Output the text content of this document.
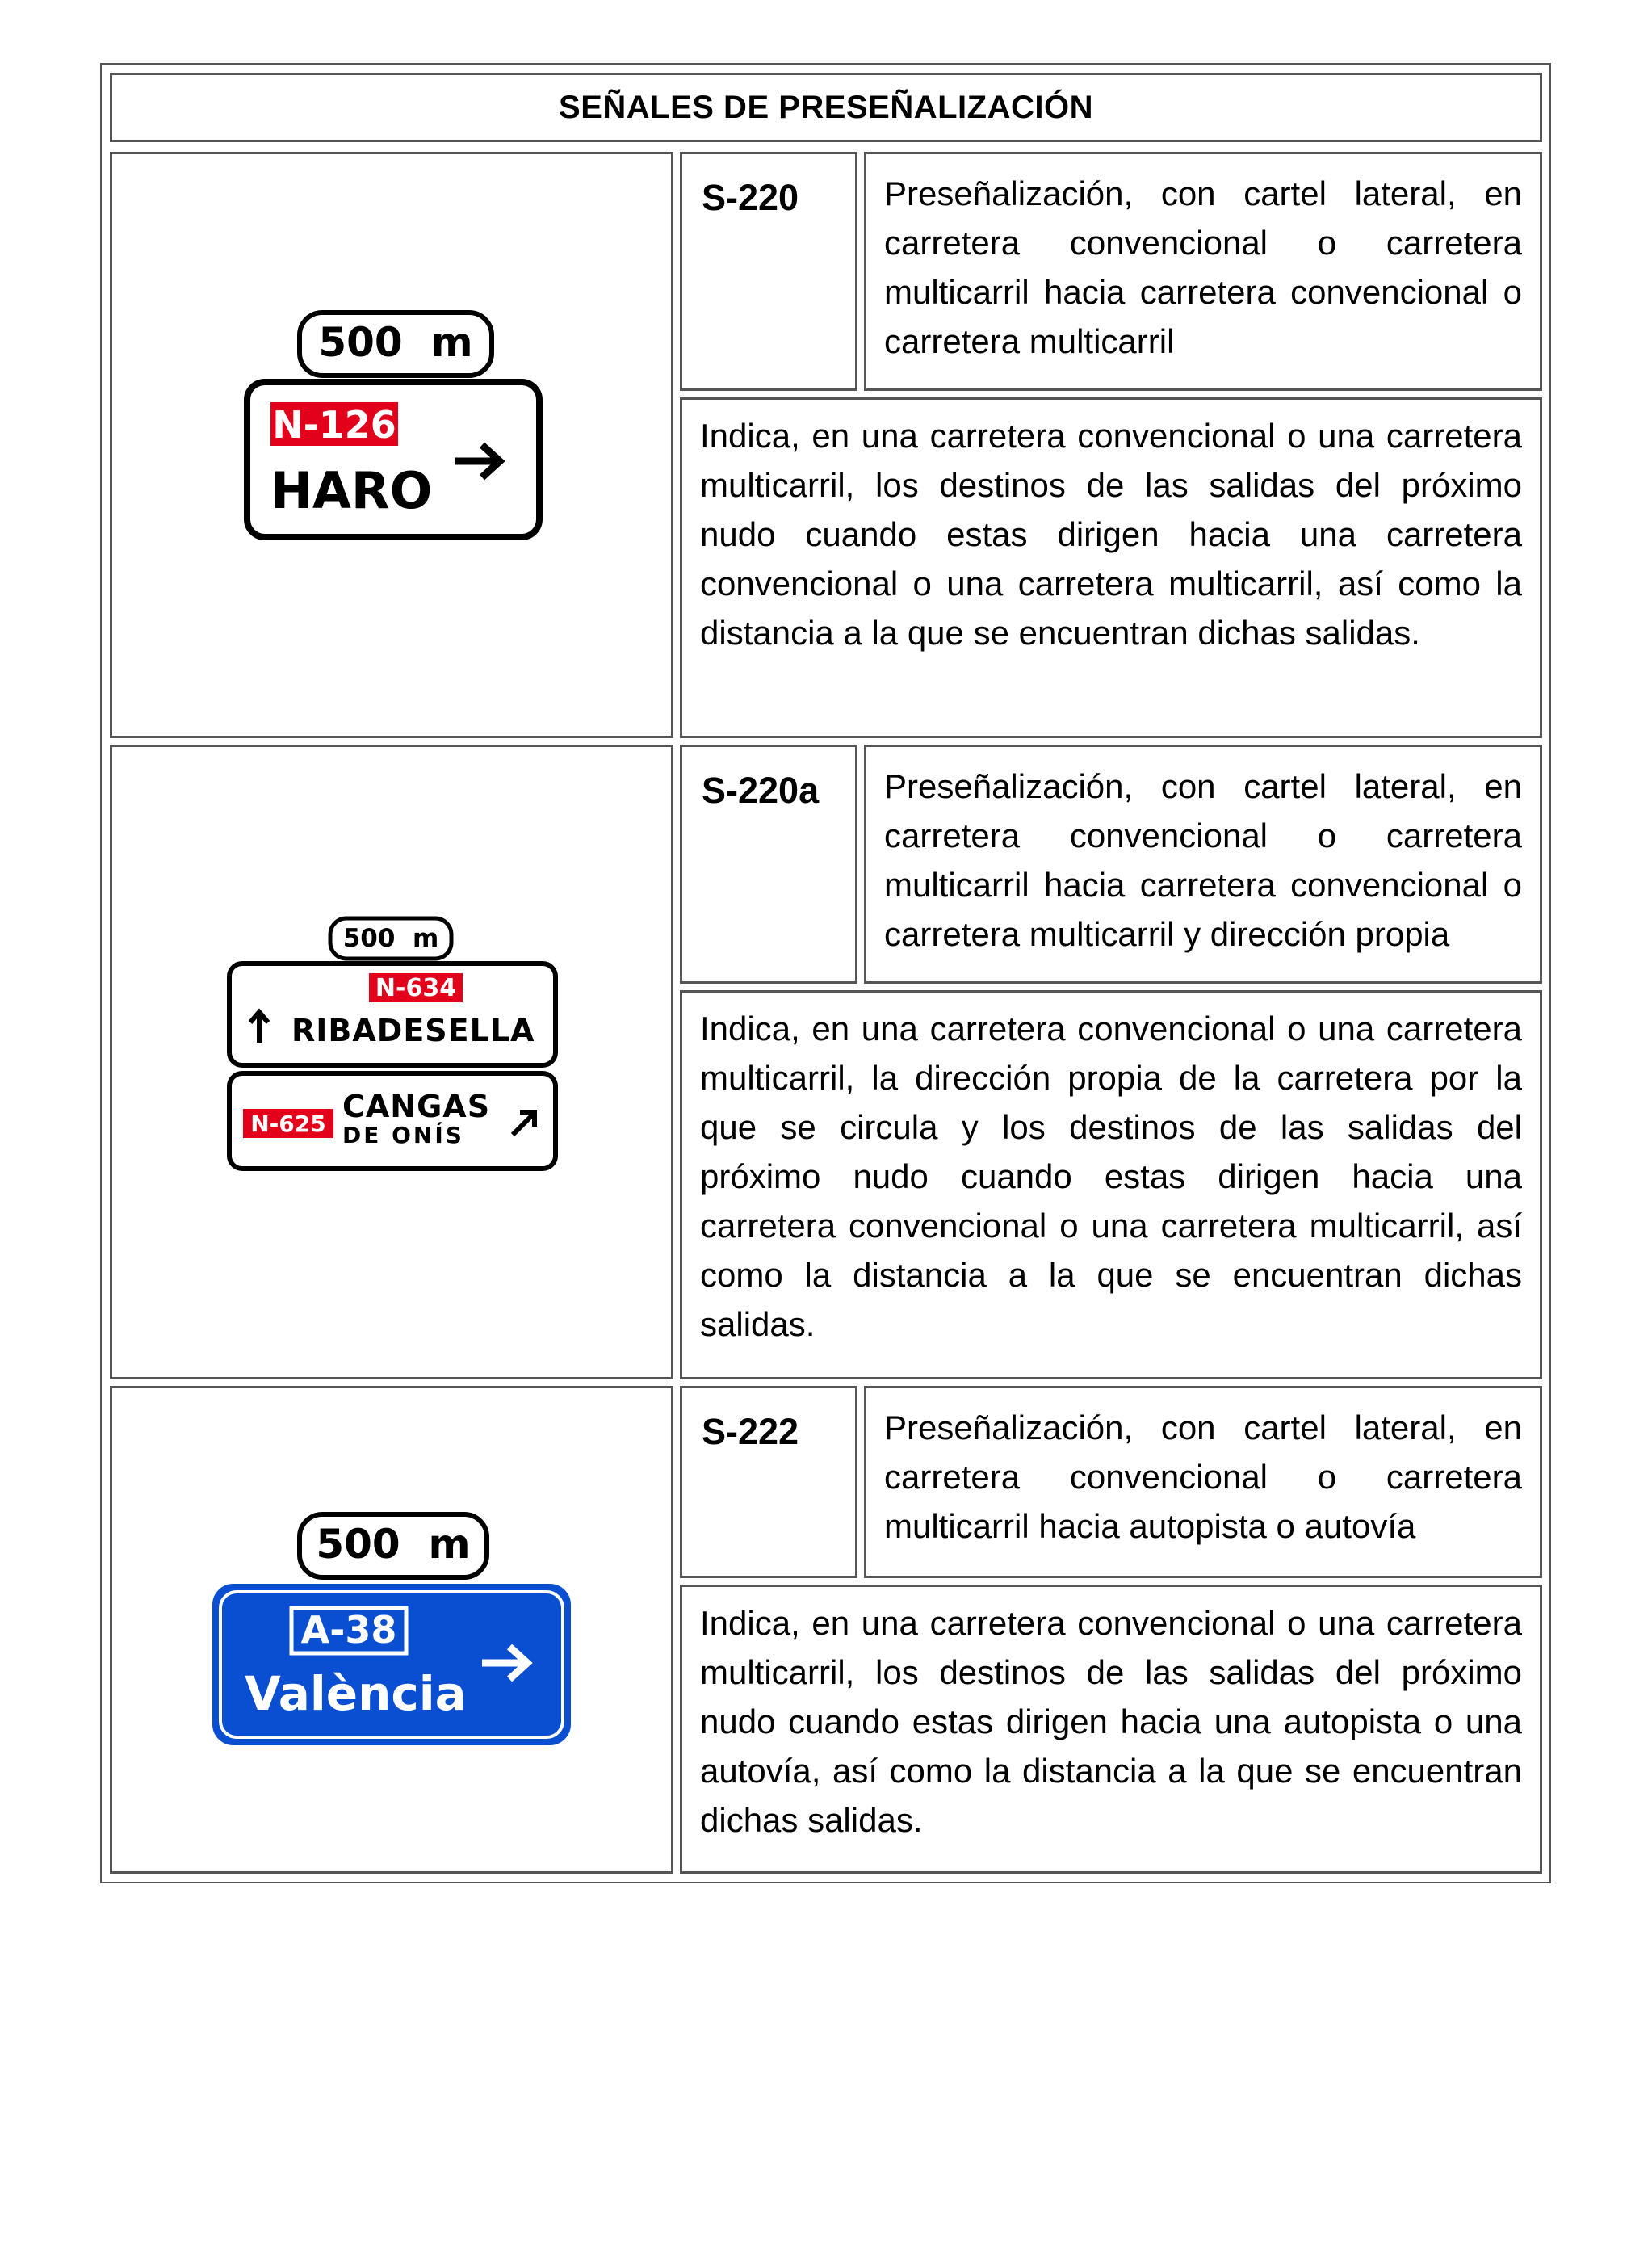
SEÑALES DE PRESEÑALIZACIÓN
500  m
N-126
HARO
S-220	Preseñalización, con cartel lateral, en carretera convencional o carretera multicarril hacia carretera convencional o carretera multicarril
Indica, en una carretera convencional o una carretera multicarril, los destinos de las salidas del próximo nudo cuando estas dirigen hacia una carretera convencional o una carretera multicarril, así como la distancia a la que se encuentran dichas salidas.
500  m
N-634
RIBADESELLA
N-625 CANGAS
DE ONÍS
S-220a	Preseñalización, con cartel lateral, en carretera convencional o carretera multicarril hacia carretera convencional o carretera multicarril y dirección propia
Indica, en una carretera convencional o una carretera multicarril, la dirección propia de la carretera por la que se circula y los destinos de las salidas del próximo nudo cuando estas dirigen hacia una carretera convencional o una carretera multicarril, así como la distancia a la que se encuentran dichas salidas.
500  m
A-38
València
S-222	Preseñalización, con cartel lateral, en carretera convencional o carretera multicarril hacia autopista o autovía
Indica, en una carretera convencional o una carretera multicarril, los destinos de las salidas del próximo nudo cuando estas dirigen hacia una autopista o una autovía, así como la distancia a la que se encuentran dichas salidas.
